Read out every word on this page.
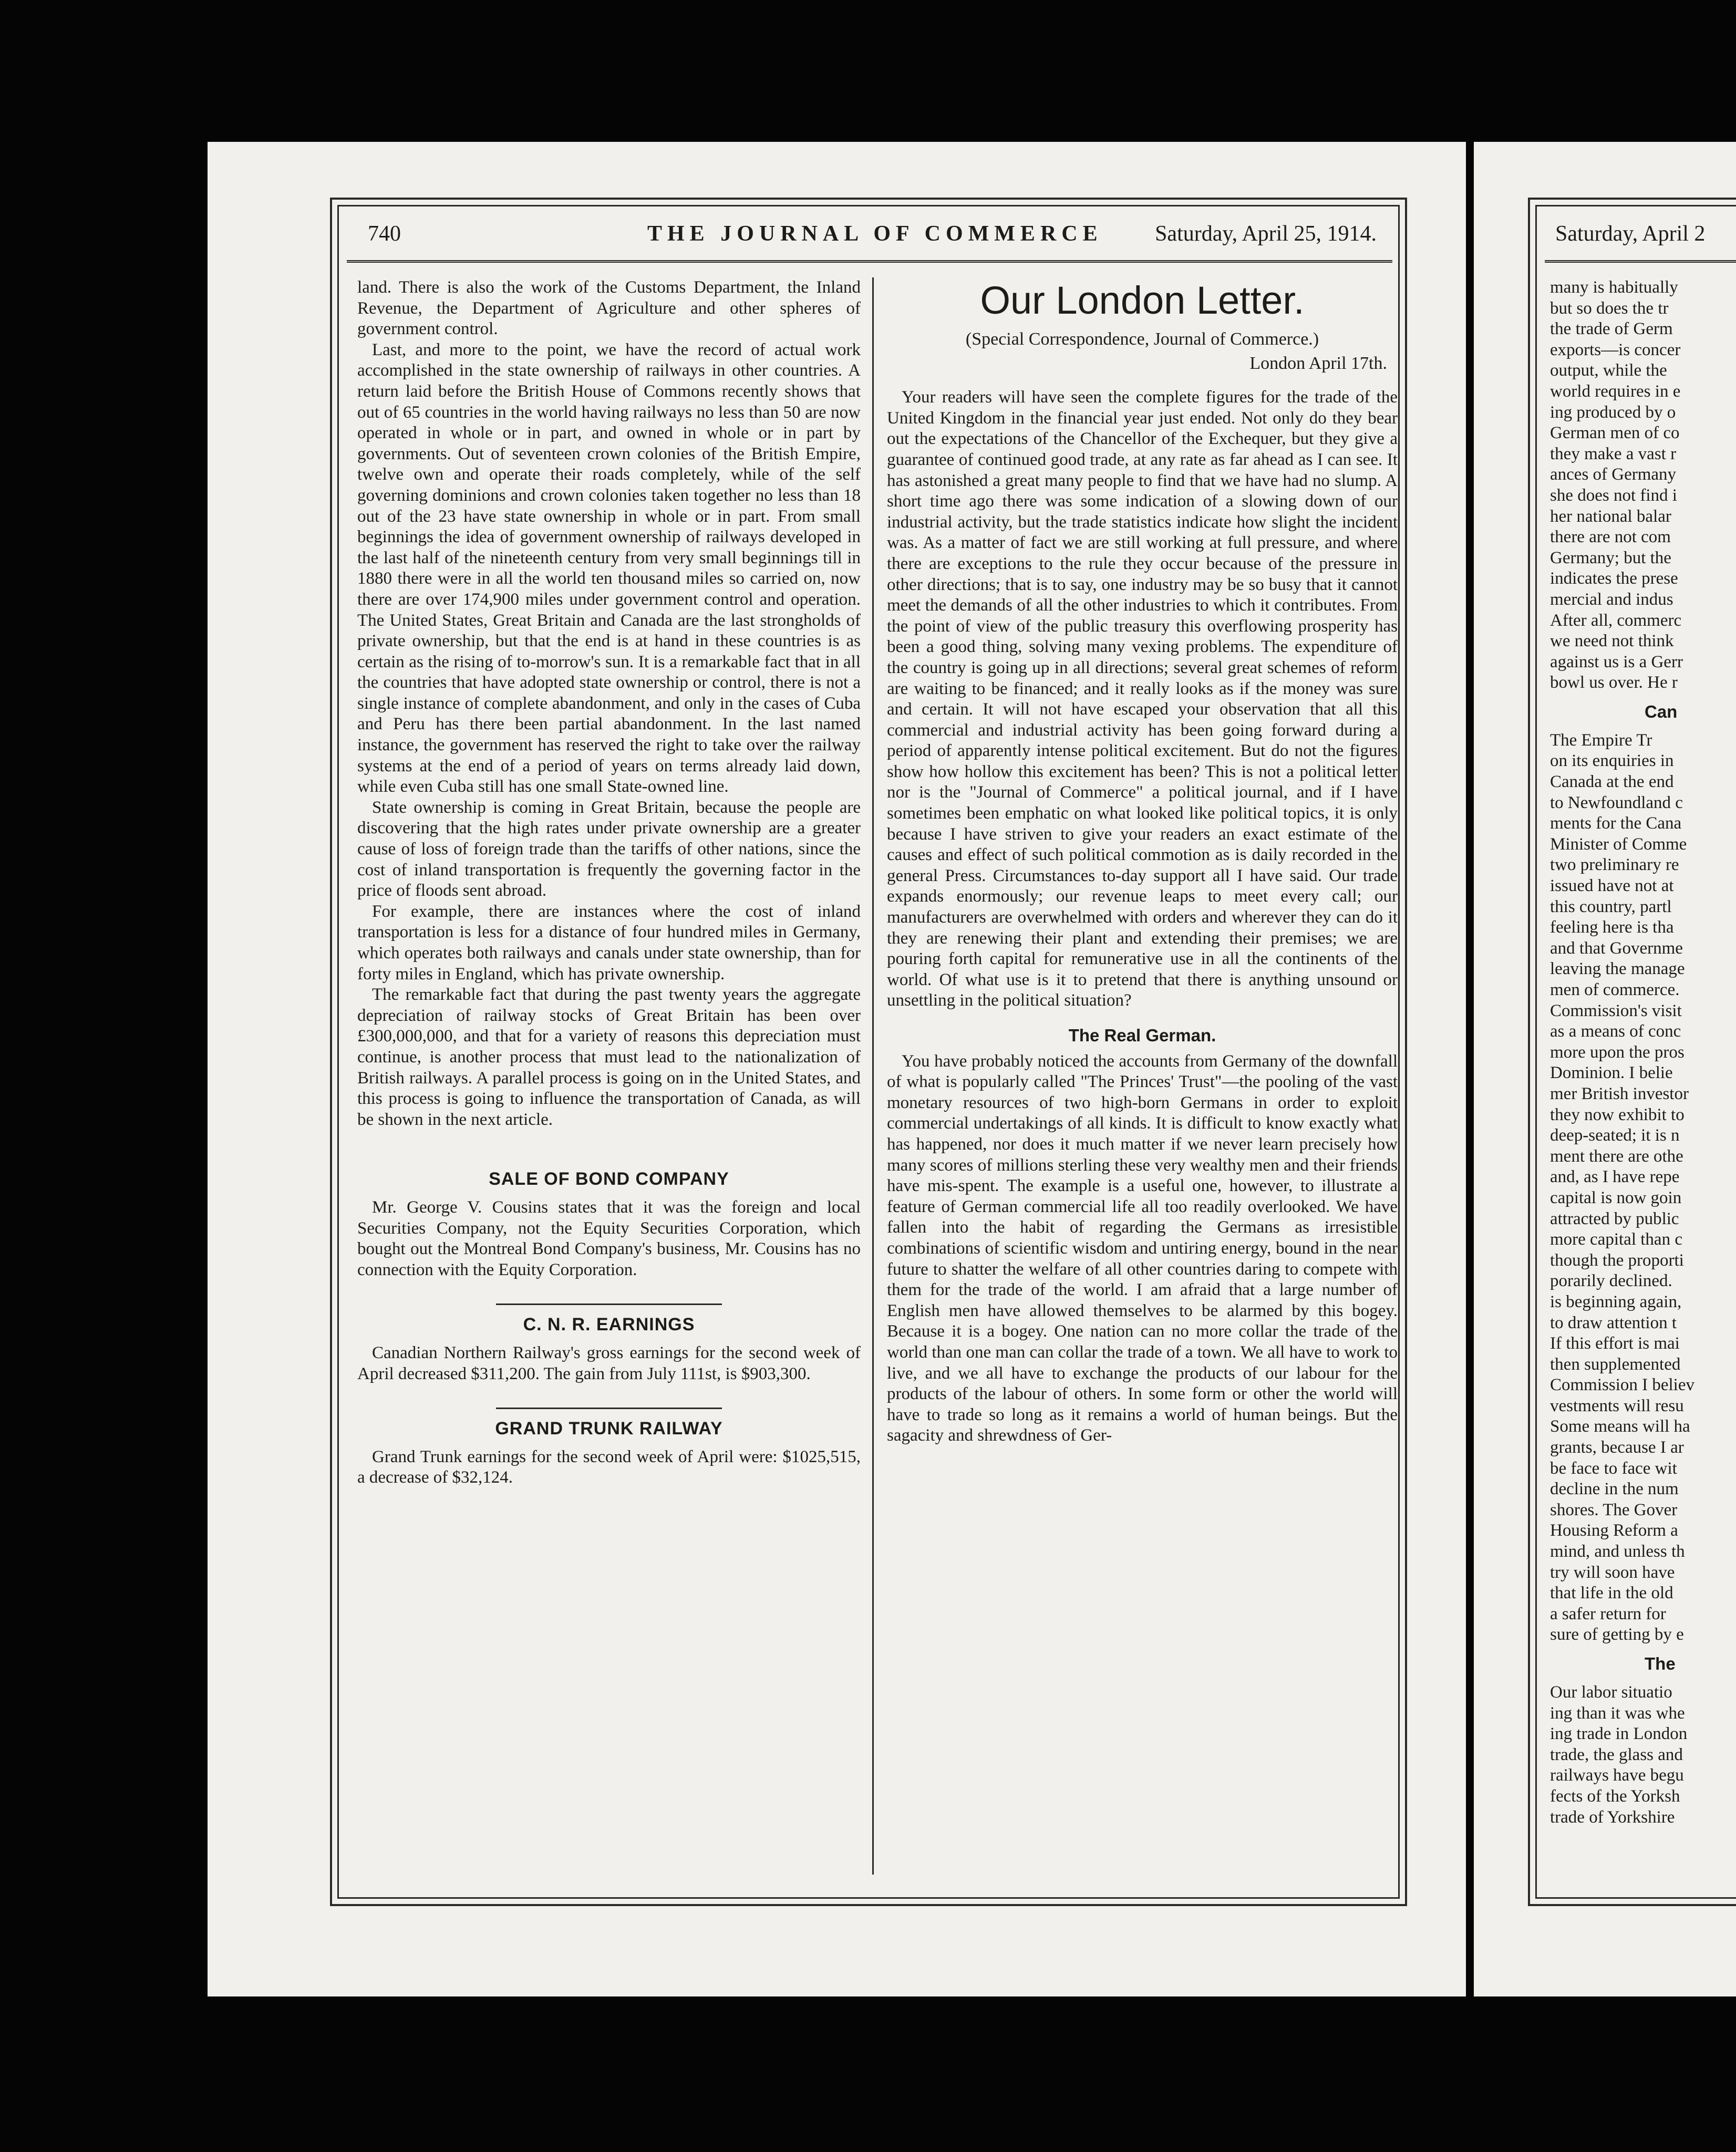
740	THE JOURNAL OF COMMERCE Saturday, April 25, 1914.

land. There is also the work of the Customs Department, the Inland Revenue, the Department of Agriculture and other spheres of government control.

Last, and more to the point, we have the record of actual work accomplished in the state ownership of railways in other countries. A return laid before the British House of Commons recently shows that out of 65 countries in the world having railways no less than 50 are now operated in whole or in part, and owned in whole or in part by governments. Out of seventeen crown colonies of the British Empire, twelve own and operate their roads completely, while of the self governing dominions and crown colonies taken together no less than 18 out of the 23 have state ownership in whole or in part. From small beginnings the idea of government ownership of railways developed in the last half of the nineteenth century from very small beginnings till in 1880 there were in all the world ten thousand miles so carried on, now there are over 174,900 miles under government control and operation. The United States, Great Britain and Canada are the last strongholds of private ownership, but that the end is at hand in these countries is as certain as the rising of to-morrow's sun. It is a remarkable fact that in all the countries that have adopted state ownership or control, there is not a single instance of complete abandonment, and only in the cases of Cuba and Peru has there been partial abandonment. In the last named instance, the government has reserved the right to take over the railway systems at the end of a period of years on terms already laid down, while even Cuba still has one small State-owned line.

State ownership is coming in Great Britain, because the people are discovering that the high rates under private ownership are a greater cause of loss of foreign trade than the tariffs of other nations, since the cost of inland transportation is frequently the governing factor in the price of floods sent abroad.

For example, there are instances where the cost of inland transportation is less for a distance of four hundred miles in Germany, which operates both railways and canals under state ownership, than for forty miles in England, which has private ownership.

The remarkable fact that during the past twenty years the aggregate depreciation of railway stocks of Great Britain has been over £300,000,000, and that for a variety of reasons this depreciation must continue, is another process that must lead to the nationalization of British railways. A parallel process is going on in the United States, and this process is going to influence the transportation of Canada, as will be shown in the next article.

SALE OF BOND COMPANY

Mr. George V. Cousins states that it was the foreign and local Securities Company, not the Equity Securities Corporation, which bought out the Montreal Bond Company's business, Mr. Cousins has no connection with the Equity Corporation.

C. N. R. EARNINGS

Canadian Northern Railway's gross earnings for the second week of April decreased $311,200. The gain from July 111st, is $903,300.

GRAND TRUNK RAILWAY

Grand Trunk earnings for the second week of April were: $1025,515, a decrease of $32,124.

Our London Letter.
(Special Correspondence, Journal of Commerce.)
London April 17th.

Your readers will have seen the complete figures for the trade of the United Kingdom in the financial year just ended. Not only do they bear out the expectations of the Chancellor of the Exchequer, but they give a guarantee of continued good trade, at any rate as far ahead as I can see. It has astonished a great many people to find that we have had no slump. A short time ago there was some indication of a slowing down of our industrial activity, but the trade statistics indicate how slight the incident was. As a matter of fact we are still working at full pressure, and where there are exceptions to the rule they occur because of the pressure in other directions; that is to say, one industry may be so busy that it cannot meet the demands of all the other industries to which it contributes. From the point of view of the public treasury this overflowing prosperity has been a good thing, solving many vexing problems. The expenditure of the country is going up in all directions; several great schemes of reform are waiting to be financed; and it really looks as if the money was sure and certain. It will not have escaped your observation that all this commercial and industrial activity has been going forward during a period of apparently intense political excitement. But do not the figures show how hollow this excitement has been? This is not a political letter nor is the "Journal of Commerce" a political journal, and if I have sometimes been emphatic on what looked like political topics, it is only because I have striven to give your readers an exact estimate of the causes and effect of such political commotion as is daily recorded in the general Press. Circumstances to-day support all I have said. Our trade expands enormously; our revenue leaps to meet every call; our manufacturers are overwhelmed with orders and wherever they can do it they are renewing their plant and extending their premises; we are pouring forth capital for remunerative use in all the continents of the world. Of what use is it to pretend that there is anything unsound or unsettling in the political situation?

The Real German.

You have probably noticed the accounts from Germany of the downfall of what is popularly called "The Princes' Trust"—the pooling of the vast monetary resources of two high-born Germans in order to exploit commercial undertakings of all kinds. It is difficult to know exactly what has happened, nor does it much matter if we never learn precisely how many scores of millions sterling these very wealthy men and their friends have mis-spent. The example is a useful one, however, to illustrate a feature of German commercial life all too readily overlooked. We have fallen into the habit of regarding the Germans as irresistible combinations of scientific wisdom and untiring energy, bound in the near future to shatter the welfare of all other countries daring to compete with them for the trade of the world. I am afraid that a large number of English men have allowed themselves to be alarmed by this bogey. Because it is a bogey. One nation can no more collar the trade of the world than one man can collar the trade of a town. We all have to work to live, and we all have to exchange the products of our labour for the products of the labour of others. In some form or other the world will have to trade so long as it remains a world of human beings. But the sagacity and shrewdness of Ger-

Saturday, April 2
many is habitually
but so does the tr
the trade of Germ
exports—is concer
output, while the
world requires in e
ing produced by o
German men of co
they make a vast r
ances of Germany
she does not find i
her national balar
there are not com
Germany; but the
indicates the prese
mercial and indus
After all, commerc
we need not think
against us is a Gerr
bowl us over. He r
Can
The Empire Tr
on its enquiries in
Canada at the end
to Newfoundland c
ments for the Cana
Minister of Comme
two preliminary re
issued have not at
this country, partl
feeling here is tha
and that Governme
leaving the manage
men of commerce.
Commission's visit
as a means of conc
more upon the pros
Dominion. I belie
mer British investor
they now exhibit to
deep-seated; it is n
ment there are othe
and, as I have repe
capital is now goin
attracted by public
more capital than c
though the proporti
porarily declined.
is beginning again,
to draw attention t
If this effort is mai
then supplemented
Commission I believ
vestments will resu
Some means will ha
grants, because I ar
be face to face wit
decline in the num
shores. The Gover
Housing Reform a
mind, and unless th
try will soon have
that life in the old
a safer return for
sure of getting by e
The
Our labor situatio
ing than it was whe
ing trade in London
trade, the glass and
railways have begu
fects of the Yorksh
trade of Yorkshire
